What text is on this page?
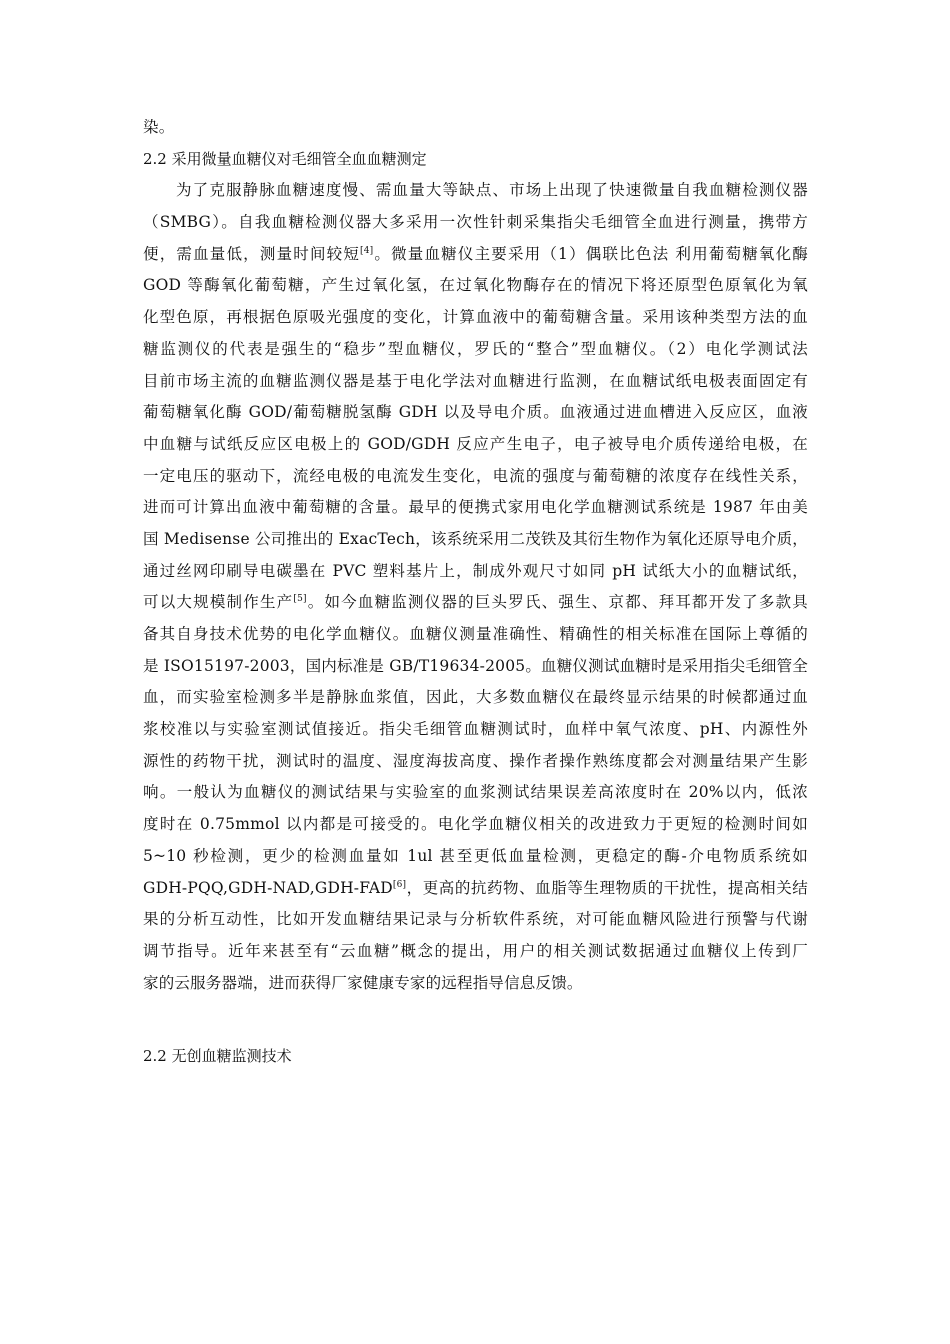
染。
2.2 采用微量血糖仪对毛细管全血血糖测定
为了克服静脉血糖速度慢、需血量大等缺点、市场上出现了快速微量自我血糖检测仪器
（SMBG）。自我血糖检测仪器大多采用一次性针刺采集指尖毛细管全血进行测量，携带方
便，需血量低，测量时间较短[4]。微量血糖仪主要采用（1）偶联比色法 利用葡萄糖氧化酶
GOD 等酶氧化葡萄糖，产生过氧化氢，在过氧化物酶存在的情况下将还原型色原氧化为氧
化型色原，再根据色原吸光强度的变化，计算血液中的葡萄糖含量。采用该种类型方法的血
糖监测仪的代表是强生的“稳步”型血糖仪，罗氏的“整合”型血糖仪。（2）电化学测试法
目前市场主流的血糖监测仪器是基于电化学法对血糖进行监测，在血糖试纸电极表面固定有
葡萄糖氧化酶 GOD/葡萄糖脱氢酶 GDH 以及导电介质。血液通过进血槽进入反应区，血液
中血糖与试纸反应区电极上的 GOD/GDH 反应产生电子，电子被导电介质传递给电极，在
一定电压的驱动下，流经电极的电流发生变化，电流的强度与葡萄糖的浓度存在线性关系，
进而可计算出血液中葡萄糖的含量。最早的便携式家用电化学血糖测试系统是 1987 年由美
国 Medisense 公司推出的 ExacTech，该系统采用二茂铁及其衍生物作为氧化还原导电介质，
通过丝网印刷导电碳墨在 PVC 塑料基片上，制成外观尺寸如同 pH 试纸大小的血糖试纸，
可以大规模制作生产[5]。如今血糖监测仪器的巨头罗氏、强生、京都、拜耳都开发了多款具
备其自身技术优势的电化学血糖仪。血糖仪测量准确性、精确性的相关标准在国际上尊循的
是 ISO15197-2003，国内标准是 GB/T19634-2005。血糖仪测试血糖时是采用指尖毛细管全
血，而实验室检测多半是静脉血浆值，因此，大多数血糖仪在最终显示结果的时候都通过血
浆校准以与实验室测试值接近。指尖毛细管血糖测试时，血样中氧气浓度、pH、内源性外
源性的药物干扰，测试时的温度、湿度海拔高度、操作者操作熟练度都会对测量结果产生影
响。一般认为血糖仪的测试结果与实验室的血浆测试结果误差高浓度时在 20%以内，低浓
度时在 0.75mmol 以内都是可接受的。电化学血糖仪相关的改进致力于更短的检测时间如
5~10 秒检测，更少的检测血量如 1ul 甚至更低血量检测，更稳定的酶-介电物质系统如
GDH-PQQ,GDH-NAD,GDH-FAD[6]，更高的抗药物、血脂等生理物质的干扰性，提高相关结
果的分析互动性，比如开发血糖结果记录与分析软件系统，对可能血糖风险进行预警与代谢
调节指导。近年来甚至有“云血糖”概念的提出，用户的相关测试数据通过血糖仪上传到厂
家的云服务器端，进而获得厂家健康专家的远程指导信息反馈。
2.2 无创血糖监测技术
